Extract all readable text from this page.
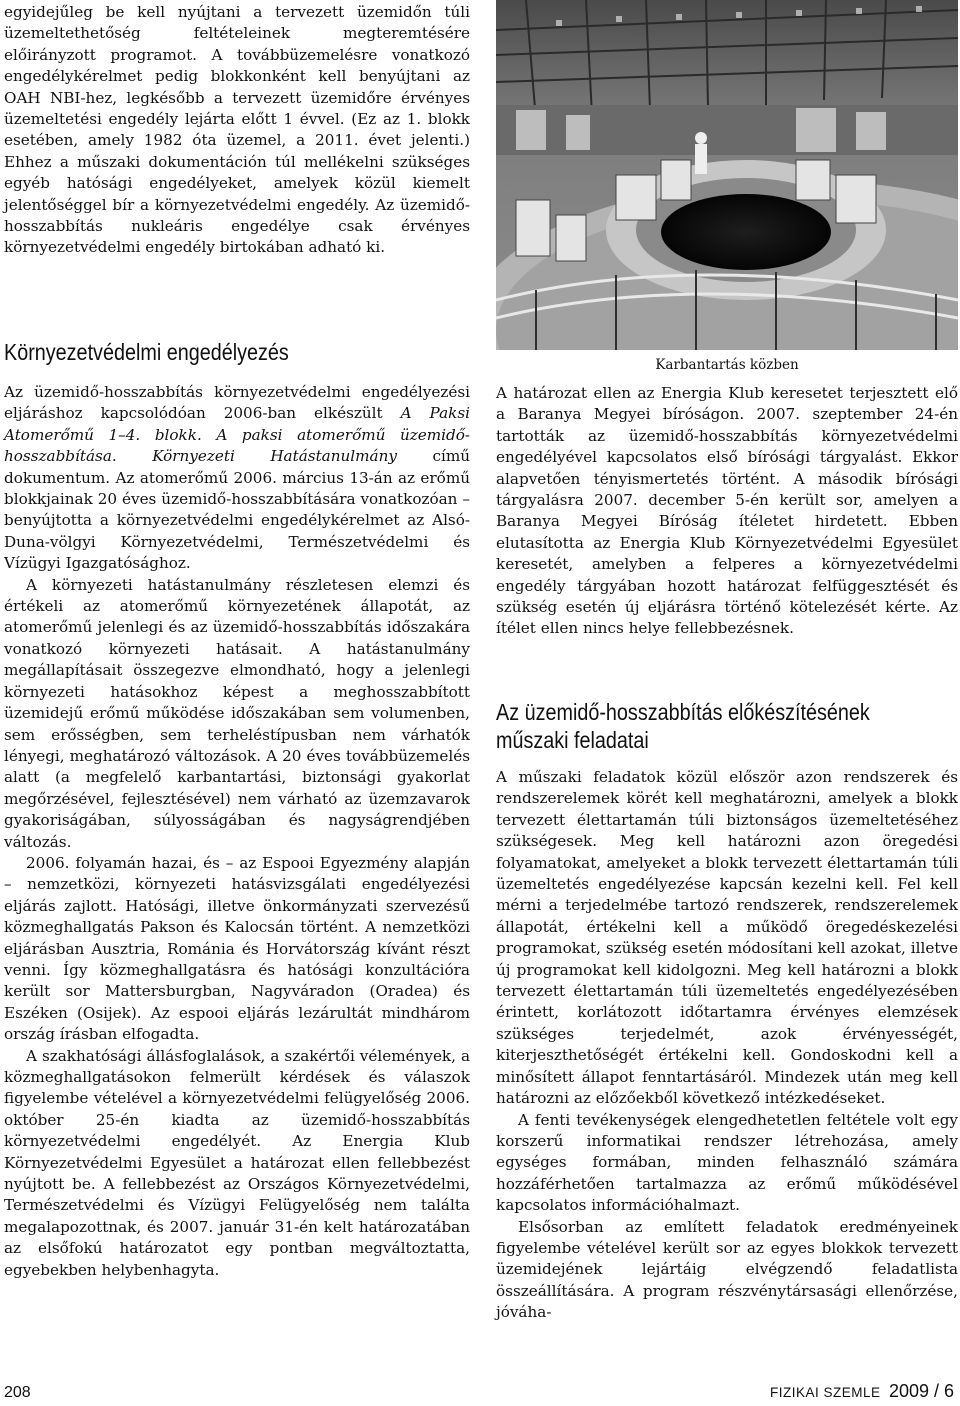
egyidejűleg be kell nyújtani a tervezett üzemidőn túli üzemeltethetőség feltételeinek megteremtésére előirányzott programot. A továbbüzemelésre vonatkozó engedélykérelmet pedig blokkonként kell benyújtani az OAH NBI-hez, legkésőbb a tervezett üzemidőre érvényes üzemeltetési engedély lejárta előtt 1 évvel. (Ez az 1. blokk esetében, amely 1982 óta üzemel, a 2011. évet jelenti.) Ehhez a műszaki dokumentáción túl mellékelni szükséges egyéb hatósági engedélyeket, amelyek közül kiemelt jelentőséggel bír a környezetvédelmi engedély. Az üzemidő-hosszabbítás nukleáris engedélye csak érvényes környezetvédelmi engedély birtokában adható ki.

Karbantartás közben
Környezetvédelmi engedélyezés

Az üzemidő-hosszabbítás környezetvédelmi engedélyezési eljáráshoz kapcsolódóan 2006-ban elkészült A Paksi Atomerőmű 1–4. blokk. A paksi atomerőmű üzemidő-hosszabbítása. Környezeti Hatástanulmány című dokumentum. Az atomerőmű 2006. március 13-án az erőmű blokkjainak 20 éves üzemidő-hosszabbítására vonatkozóan – benyújtotta a környezetvédelmi engedélykérelmet az Alsó-Duna-völgyi Környezetvédelmi, Természetvédelmi és Vízügyi Igazgatósághoz.

A környezeti hatástanulmány részletesen elemzi és értékeli az atomerőmű környezetének állapotát, az atomerőmű jelenlegi és az üzemidő-hosszabbítás időszakára vonatkozó környezeti hatásait. A hatástanulmány megállapításait összegezve elmondható, hogy a jelenlegi környezeti hatásokhoz képest a meghosszabbított üzemidejű erőmű működése időszakában sem volumenben, sem erősségben, sem terheléstípusban nem várhatók lényegi, meghatározó változások. A 20 éves továbbüzemelés alatt (a megfelelő karbantartási, biztonsági gyakorlat megőrzésével, fejlesztésével) nem várható az üzemzavarok gyakoriságában, súlyosságában és nagyságrendjében változás.

2006. folyamán hazai, és – az Espooi Egyezmény alapján – nemzetközi, környezeti hatásvizsgálati engedélyezési eljárás zajlott. Hatósági, illetve önkormányzati szervezésű közmeghallgatás Pakson és Kalocsán történt. A nemzetközi eljárásban Ausztria, Románia és Horvátország kívánt részt venni. Így közmeghallgatásra és hatósági konzultációra került sor Mattersburgban, Nagyváradon (Oradea) és Eszéken (Osijek). Az espooi eljárás lezárultát mindhárom ország írásban elfogadta.

A szakhatósági állásfoglalások, a szakértői vélemények, a közmeghallgatásokon felmerült kérdések és válaszok figyelembe vételével a környezetvédelmi felügyelőség 2006. október 25-én kiadta az üzemidő-hosszabbítás környezetvédelmi engedélyét. Az Energia Klub Környezetvédelmi Egyesület a határozat ellen fellebbezést nyújtott be. A fellebbezést az Országos Környezetvédelmi, Természetvédelmi és Vízügyi Felügyelőség nem találta megalapozottnak, és 2007. január 31-én kelt határozatában az elsőfokú határozatot egy pontban megváltoztatta, egyebekben helybenhagyta.

A határozat ellen az Energia Klub keresetet terjesztett elő a Baranya Megyei bíróságon. 2007. szeptember 24-én tartották az üzemidő-hosszabbítás környezetvédelmi engedélyével kapcsolatos első bírósági tárgyalást. Ekkor alapvetően tényismertetés történt. A második bírósági tárgyalásra 2007. december 5-én került sor, amelyen a Baranya Megyei Bíróság ítéletet hirdetett. Ebben elutasította az Energia Klub Környezetvédelmi Egyesület keresetét, amelyben a felperes a környezetvédelmi engedély tárgyában hozott határozat felfüggesztését és szükség esetén új eljárásra történő kötelezését kérte. Az ítélet ellen nincs helye fellebbezésnek.

Az üzemidő-hosszabbítás előkészítésének
műszaki feladatai

A műszaki feladatok közül először azon rendszerek és rendszerelemek körét kell meghatározni, amelyek a blokk tervezett élettartamán túli biztonságos üzemeltetéséhez szükségesek. Meg kell határozni azon öregedési folyamatokat, amelyeket a blokk tervezett élettartamán túli üzemeltetés engedélyezése kapcsán kezelni kell. Fel kell mérni a terjedelmébe tartozó rendszerek, rendszerelemek állapotát, értékelni kell a működő öregedéskezelési programokat, szükség esetén módosítani kell azokat, illetve új programokat kell kidolgozni. Meg kell határozni a blokk tervezett élettartamán túli üzemeltetés engedélyezésében érintett, korlátozott időtartamra érvényes elemzések szükséges terjedelmét, azok érvényességét, kiterjeszthetőségét értékelni kell. Gondoskodni kell a minősített állapot fenntartásáról. Mindezek után meg kell határozni az előzőekből következő intézkedéseket.

A fenti tevékenységek elengedhetetlen feltétele volt egy korszerű informatikai rendszer létrehozása, amely egységes formában, minden felhasználó számára hozzáférhetően tartalmazza az erőmű működésével kapcsolatos információhalmazt.

Elsősorban az említett feladatok eredményeinek figyelembe vételével került sor az egyes blokkok tervezett üzemidejének lejártáig elvégzendő feladatlista összeállítására. A program részvénytársasági ellenőrzése, jóváha-

208	FIZIKAI SZEMLE 2009 / 6
